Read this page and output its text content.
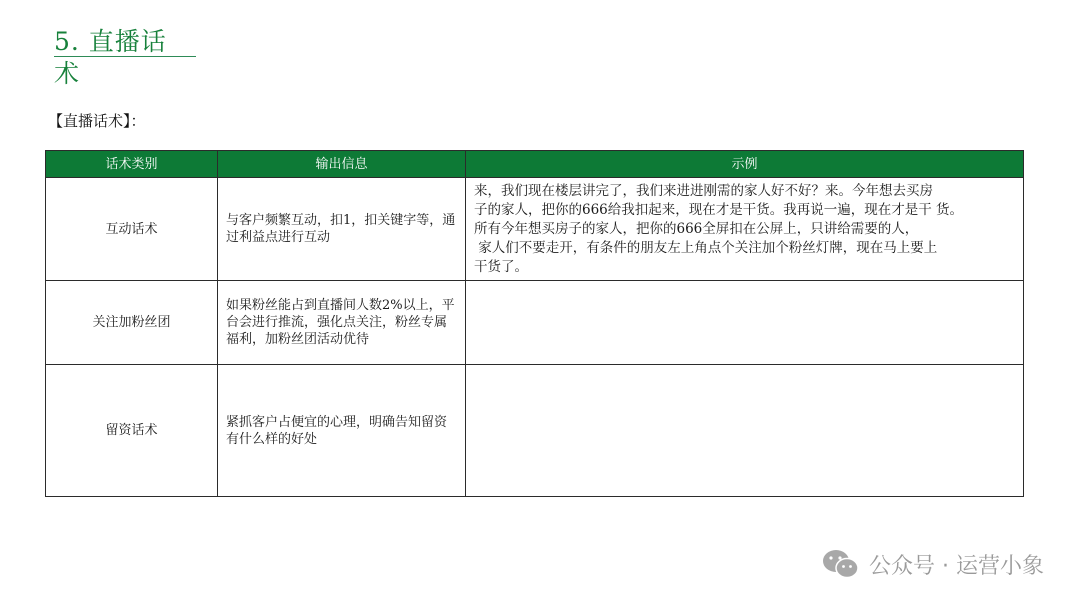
5. 直播话
术
【直播话术】：
话术类别	输出信息	示例
互动话术	与客户频繁互动，扣1，扣关键字等，通过利益点进行互动	来，我们现在楼层讲完了，我们来进进刚需的家人好不好？来。今年想去买房
子的家人，把你的666给我扣起来，现在才是干货。我再说一遍，现在才是干 货。
所有今年想买房子的家人，把你的666全屏扣在公屏上，只讲给需要的人，
家人们不要走开，有条件的朋友左上角点个关注加个粉丝灯牌，现在马上要上
干货了。

关注加粉丝团	如果粉丝能占到直播间人数2%以上，平台会进行推流，强化点关注，粉丝专属福利，加粉丝团活动优待	
留资话术	紧抓客户占便宜的心理，明确告知留资有什么样的好处	
公众号 · 运营小象
